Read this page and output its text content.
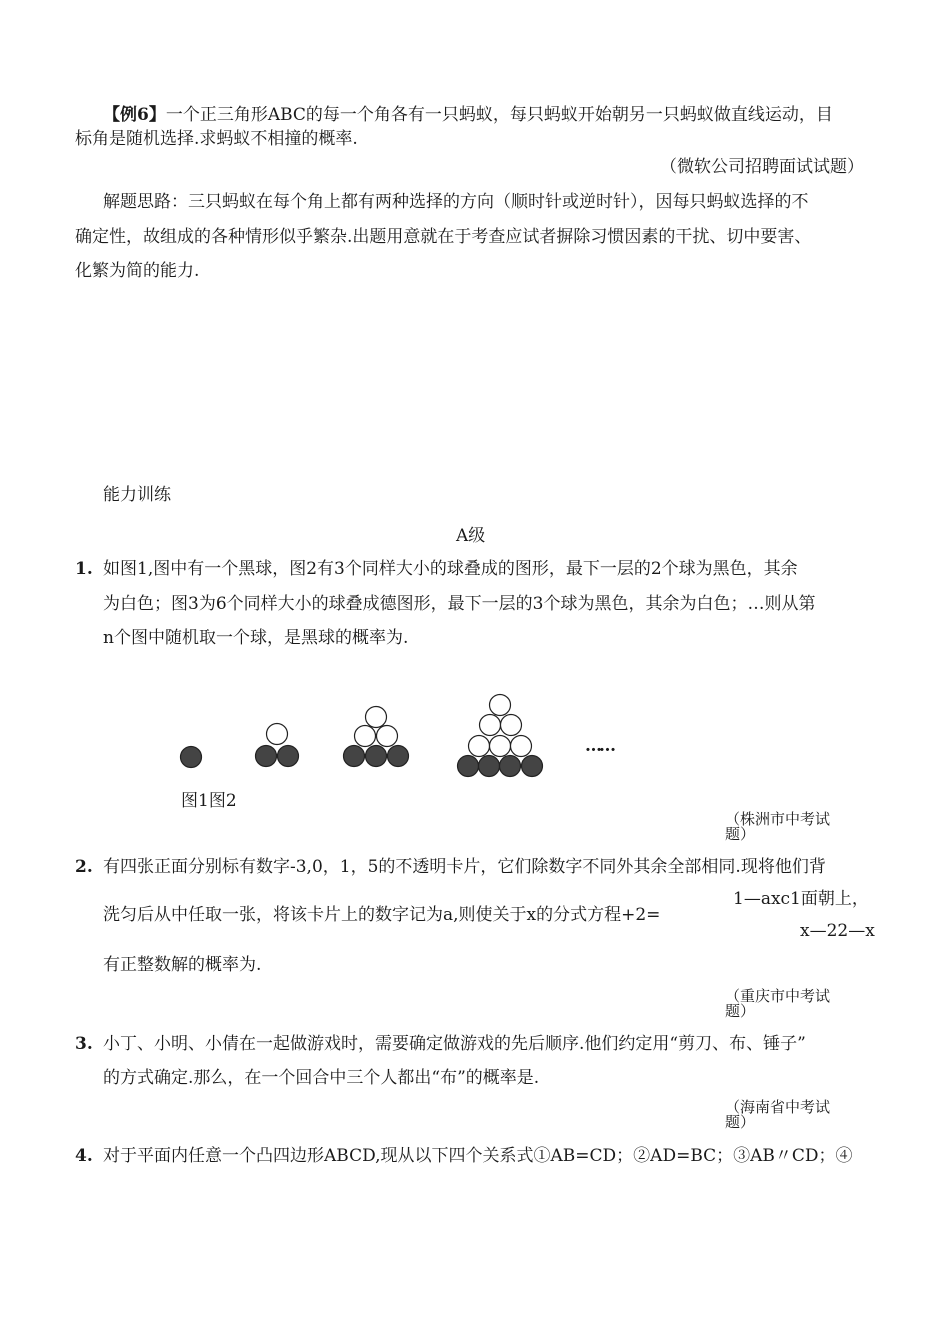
【例6】一个正三角形ABC的每一个角各有一只蚂蚁，每只蚂蚁开始朝另一只蚂蚁做直线运动，目
标角是随机选择.求蚂蚁不相撞的概率.
（微软公司招聘面试试题）
解题思路：三只蚂蚁在每个角上都有两种选择的方向（顺时针或逆时针），因每只蚂蚁选择的不
确定性，故组成的各种情形似乎繁杂.出题用意就在于考查应试者摒除习惯因素的干扰、切中要害、
化繁为简的能力.
能力训练
A级
1. 如图1,图中有一个黑球，图2有3个同样大小的球叠成的图形，最下一层的2个球为黑色，其余
为白色；图3为6个同样大小的球叠成德图形，最下一层的3个球为黑色，其余为白色；…则从第
n个图中随机取一个球，是黑球的概率为.
……
图1图2
（株洲市中考试
题）
2. 有四张正面分别标有数字-3,0，1，5的不透明卡片，它们除数字不同外其余全部相同.现将他们背
1—axc1面朝上，
洗匀后从中任取一张，将该卡片上的数字记为a,则使关于x的分式方程+2=
x—22—x
有正整数解的概率为.
（重庆市中考试
题）
3. 小丁、小明、小倩在一起做游戏时，需要确定做游戏的先后顺序.他们约定用“剪刀、布、锤子”
的方式确定.那么，在一个回合中三个人都出“布”的概率是.
（海南省中考试
题）
4. 对于平面内任意一个凸四边形ABCD,现从以下四个关系式①AB=CD；②AD=BC；③AB〃CD；④
